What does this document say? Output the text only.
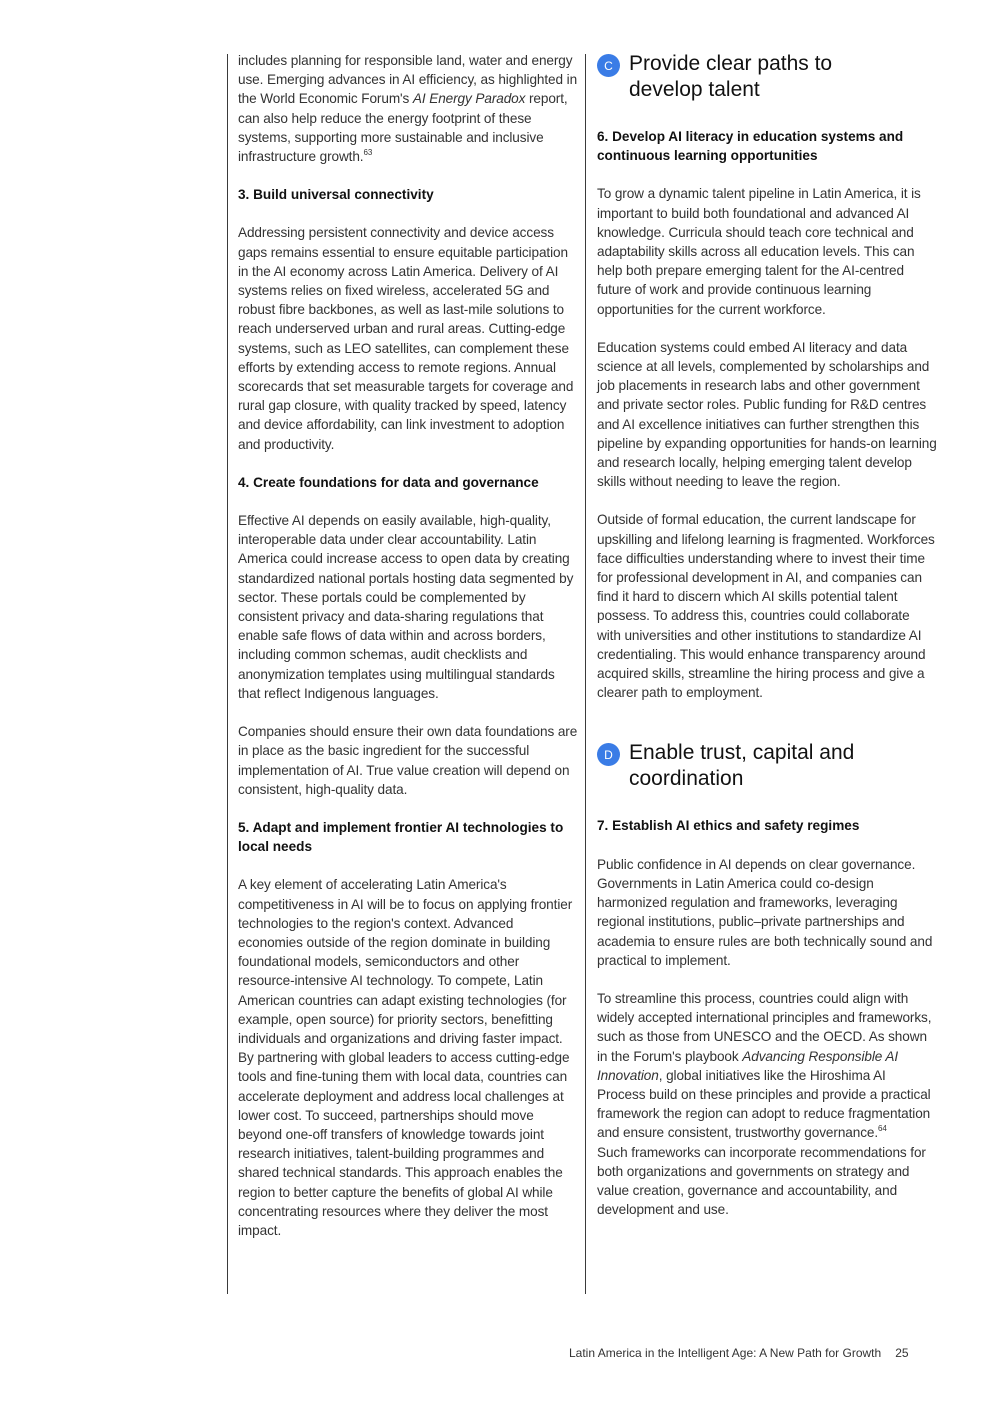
includes planning for responsible land, water and energy use. Emerging advances in AI efficiency, as highlighted in the World Economic Forum's AI Energy Paradox report, can also help reduce the energy footprint of these systems, supporting more sustainable and inclusive infrastructure growth.$^{63}$

3. Build universal connectivity

Addressing persistent connectivity and device access gaps remains essential to ensure equitable participation in the AI economy across Latin America. Delivery of AI systems relies on fixed wireless, accelerated 5G and robust fibre backbones, as well as last-mile solutions to reach underserved urban and rural areas. Cutting-edge systems, such as LEO satellites, can complement these efforts by extending access to remote regions. Annual scorecards that set measurable targets for coverage and rural gap closure, with quality tracked by speed, latency and device affordability, can link investment to adoption and productivity.

4. Create foundations for data and governance

Effective AI depends on easily available, high-quality, interoperable data under clear accountability. Latin America could increase access to open data by creating standardized national portals hosting data segmented by sector. These portals could be complemented by consistent privacy and data-sharing regulations that enable safe flows of data within and across borders, including common schemas, audit checklists and anonymization templates using multilingual standards that reflect Indigenous languages.

Companies should ensure their own data foundations are in place as the basic ingredient for the successful implementation of AI. True value creation will depend on consistent, high-quality data.

5. Adapt and implement frontier AI technologies to local needs

A key element of accelerating Latin America's competitiveness in AI will be to focus on applying frontier technologies to the region's context. Advanced economies outside of the region dominate in building foundational models, semiconductors and other resource-intensive AI technology. To compete, Latin American countries can adapt existing technologies (for example, open source) for priority sectors, benefitting individuals and organizations and driving faster impact. By partnering with global leaders to access cutting-edge tools and fine-tuning them with local data, countries can accelerate deployment and address local challenges at lower cost. To succeed, partnerships should move beyond one-off transfers of knowledge towards joint research initiatives, talent-building programmes and shared technical standards. This approach enables the region to better capture the benefits of global AI while concentrating resources where they deliver the most impact.

C Provide clear paths to develop talent
6. Develop AI literacy in education systems and continuous learning opportunities

To grow a dynamic talent pipeline in Latin America, it is important to build both foundational and advanced AI knowledge. Curricula should teach core technical and adaptability skills across all education levels. This can help both prepare emerging talent for the AI-centred future of work and provide continuous learning opportunities for the current workforce.

Education systems could embed AI literacy and data science at all levels, complemented by scholarships and job placements in research labs and other government and private sector roles. Public funding for R&D centres and AI excellence initiatives can further strengthen this pipeline by expanding opportunities for hands-on learning and research locally, helping emerging talent develop skills without needing to leave the region.

Outside of formal education, the current landscape for upskilling and lifelong learning is fragmented. Workforces face difficulties understanding where to invest their time for professional development in AI, and companies can find it hard to discern which AI skills potential talent possess. To address this, countries could collaborate with universities and other institutions to standardize AI credentialing. This would enhance transparency around acquired skills, streamline the hiring process and give a clearer path to employment.

D Enable trust, capital and coordination
7. Establish AI ethics and safety regimes

Public confidence in AI depends on clear governance. Governments in Latin America could co-design harmonized regulation and frameworks, leveraging regional institutions, public–private partnerships and academia to ensure rules are both technically sound and practical to implement.

To streamline this process, countries could align with widely accepted international principles and frameworks, such as those from UNESCO and the OECD. As shown in the Forum's playbook Advancing Responsible AI Innovation, global initiatives like the Hiroshima AI Process build on these principles and provide a practical framework the region can adopt to reduce fragmentation and ensure consistent, trustworthy governance.$^{64}$
Such frameworks can incorporate recommendations for both organizations and governments on strategy and value creation, governance and accountability, and development and use.

Latin America in the Intelligent Age: A New Path for Growth 25
